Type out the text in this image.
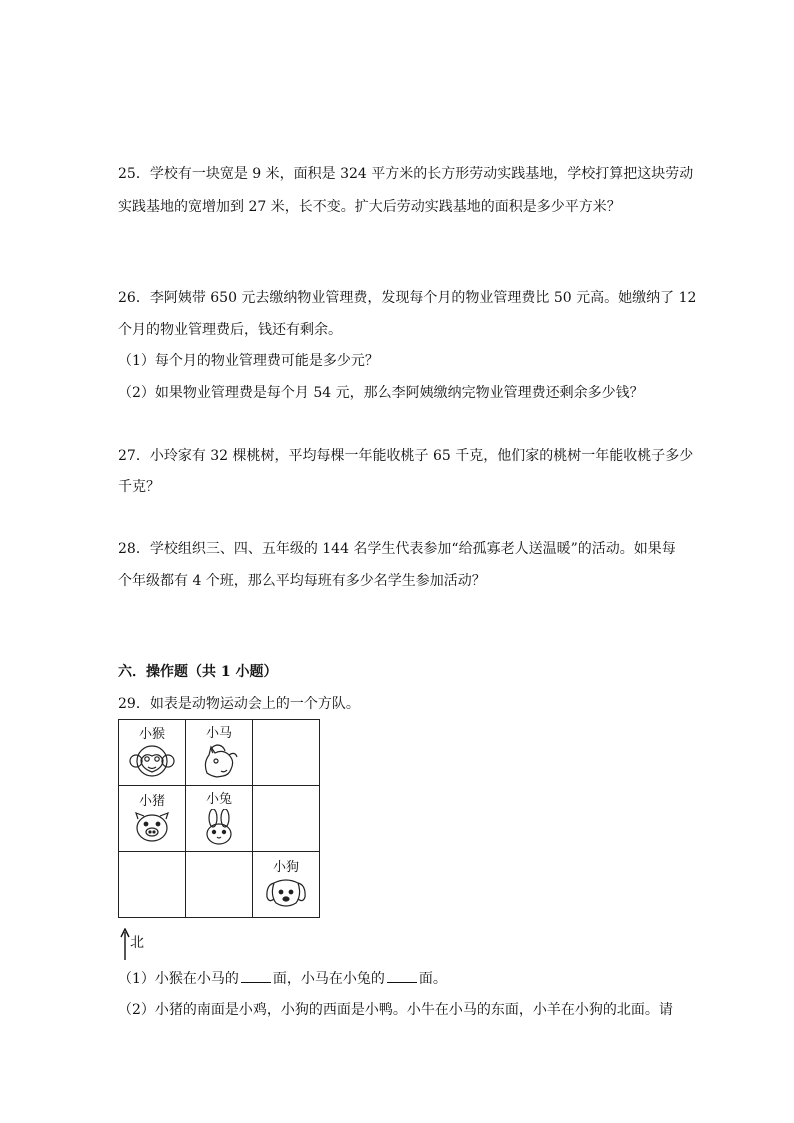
25．学校有一块宽是 9 米，面积是 324 平方米的长方形劳动实践基地，学校打算把这块劳动
实践基地的宽增加到 27 米，长不变。扩大后劳动实践基地的面积是多少平方米？
26．李阿姨带 650 元去缴纳物业管理费，发现每个月的物业管理费比 50 元高。她缴纳了 12
个月的物业管理费后，钱还有剩余。
（1）每个月的物业管理费可能是多少元？
（2）如果物业管理费是每个月 54 元，那么李阿姨缴纳完物业管理费还剩余多少钱？
27．小玲家有 32 棵桃树，平均每棵一年能收桃子 65 千克，他们家的桃树一年能收桃子多少
千克？
28．学校组织三、四、五年级的 144 名学生代表参加“给孤寡老人送温暖”的活动。如果每
个年级都有 4 个班，那么平均每班有多少名学生参加活动？
六．操作题（共 1 小题）
29．如表是动物运动会上的一个方队。
小猴	小马	

小猪	小兔	

		小狗
北
（1）小猴在小马的 面，小马在小兔的 面。
（2）小猪的南面是小鸡，小狗的西面是小鸭。小牛在小马的东面，小羊在小狗的北面。请
